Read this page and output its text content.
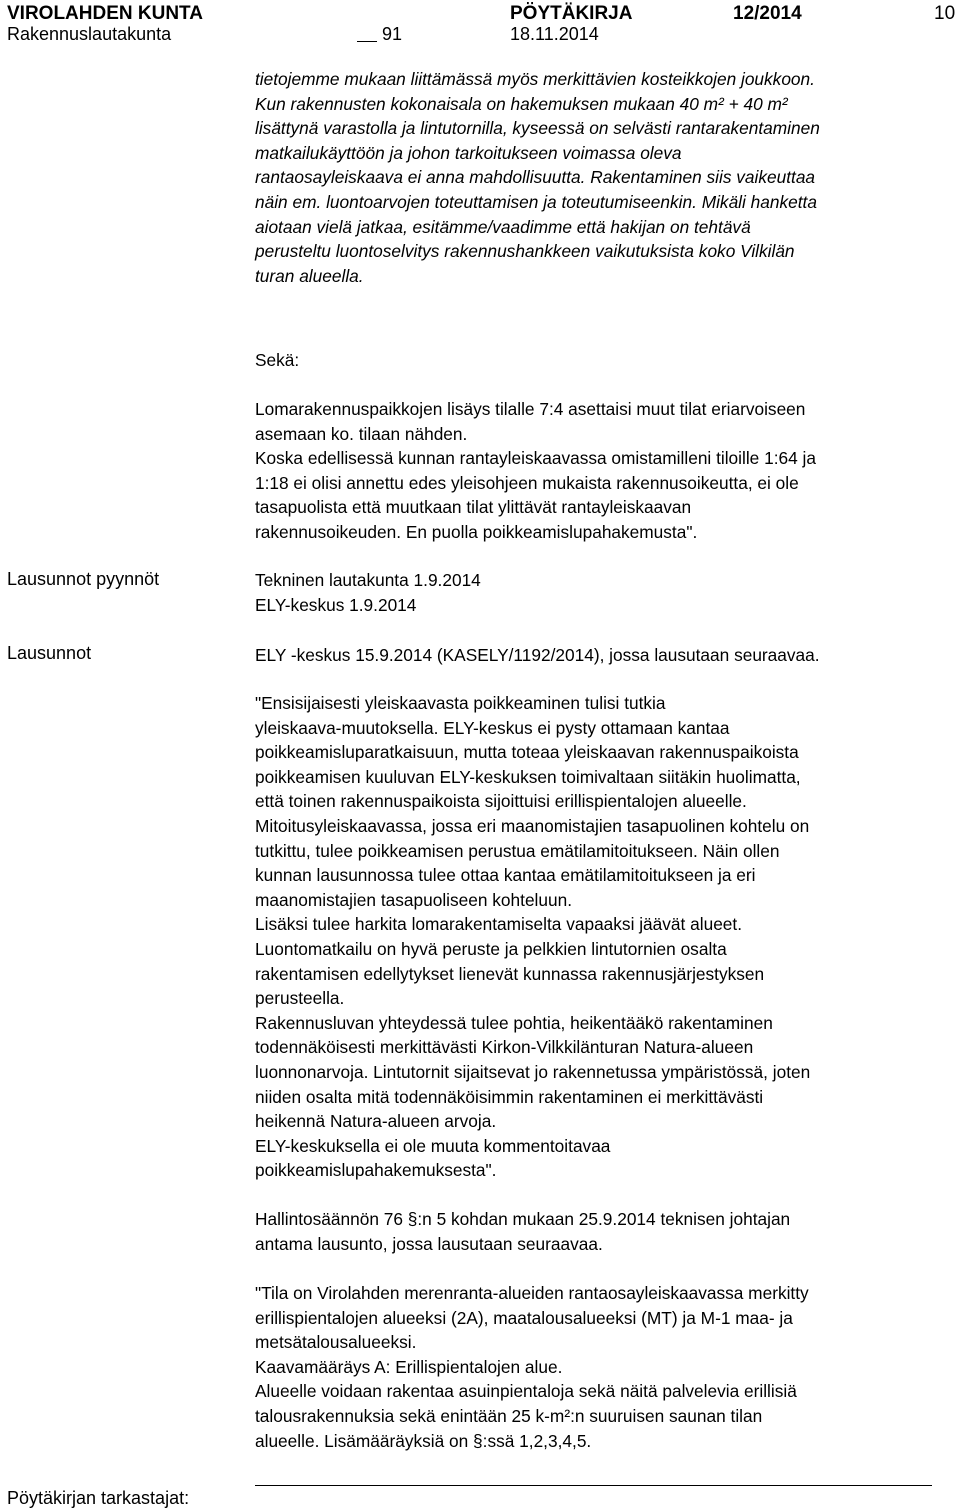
VIROLAHDEN KUNTA	PÖYTÄKIRJA	12/2014	10
Rakennuslautakunta	91	18.11.2014
tietojemme mukaan liittämässä myös merkittävien kosteikkojen joukkoon.
Kun rakennusten kokonaisala on hakemuksen mukaan 40 m² + 40 m²
lisättynä varastolla ja lintutornilla, kyseessä on selvästi rantarakentaminen
matkailukäyttöön ja johon tarkoitukseen voimassa oleva
rantaosayleiskaava ei anna mahdollisuutta. Rakentaminen siis vaikeuttaa
näin em. luontoarvojen toteuttamisen ja toteutumiseenkin. Mikäli hanketta
aiotaan vielä jatkaa, esitämme/vaadimme että hakijan on tehtävä
perusteltu luontoselvitys rakennushankkeen vaikutuksista koko Vilkilän
turan alueella.
Sekä:
Lomarakennuspaikkojen lisäys tilalle 7:4 asettaisi muut tilat eriarvoiseen
asemaan ko. tilaan nähden.
Koska edellisessä kunnan rantayleiskaavassa omistamilleni tiloille 1:64 ja
1:18 ei olisi annettu edes yleisohjeen mukaista rakennusoikeutta, ei ole
tasapuolista että muutkaan tilat ylittävät rantayleiskaavan
rakennusoikeuden. En puolla poikkeamislupahakemusta".
Lausunnot pyynnöt	Tekninen lautakunta 1.9.2014
ELY-keskus 1.9.2014
Lausunnot	ELY -keskus 15.9.2014 (KASELY/1192/2014), jossa lausutaan seuraavaa.
"Ensisijaisesti yleiskaavasta poikkeaminen tulisi tutkia
yleiskaava-muutoksella. ELY-keskus ei pysty ottamaan kantaa
poikkeamisluparatkaisuun, mutta toteaa yleiskaavan rakennuspaikoista
poikkeamisen kuuluvan ELY-keskuksen toimivaltaan siitäkin huolimatta,
että toinen rakennuspaikoista sijoittuisi erillispientalojen alueelle.
Mitoitusyleiskaavassa, jossa eri maanomistajien tasapuolinen kohtelu on
tutkittu, tulee poikkeamisen perustua emätilamitoitukseen. Näin ollen
kunnan lausunnossa tulee ottaa kantaa emätilamitoitukseen ja eri
maanomistajien tasapuoliseen kohteluun.
Lisäksi tulee harkita lomarakentamiselta vapaaksi jäävät alueet.
Luontomatkailu on hyvä peruste ja pelkkien lintutornien osalta
rakentamisen edellytykset lienevät kunnassa rakennusjärjestyksen
perusteella.
Rakennusluvan yhteydessä tulee pohtia, heikentääkö rakentaminen
todennäköisesti merkittävästi Kirkon-Vilkkilänturan Natura-alueen
luonnonarvoja. Lintutornit sijaitsevat jo rakennetussa ympäristössä, joten
niiden osalta mitä todennäköisimmin rakentaminen ei merkittävästi
heikennä Natura-alueen arvoja.
ELY-keskuksella ei ole muuta kommentoitavaa
poikkeamislupahakemuksesta".
Hallintosäännön 76 §:n 5 kohdan mukaan 25.9.2014 teknisen johtajan
antama lausunto, jossa lausutaan seuraavaa.
"Tila on Virolahden merenranta-alueiden rantaosayleiskaavassa merkitty
erillispientalojen alueeksi (2A), maatalousalueeksi (MT) ja M-1 maa- ja
metsätalousalueeksi.
Kaavamääräys A: Erillispientalojen alue.
Alueelle voidaan rakentaa asuinpientaloja sekä näitä palvelevia erillisiä
talousrakennuksia sekä enintään 25 k-m²:n suuruisen saunan tilan
alueelle. Lisämääräyksiä on §:ssä 1,2,3,4,5.
Pöytäkirjan tarkastajat:
